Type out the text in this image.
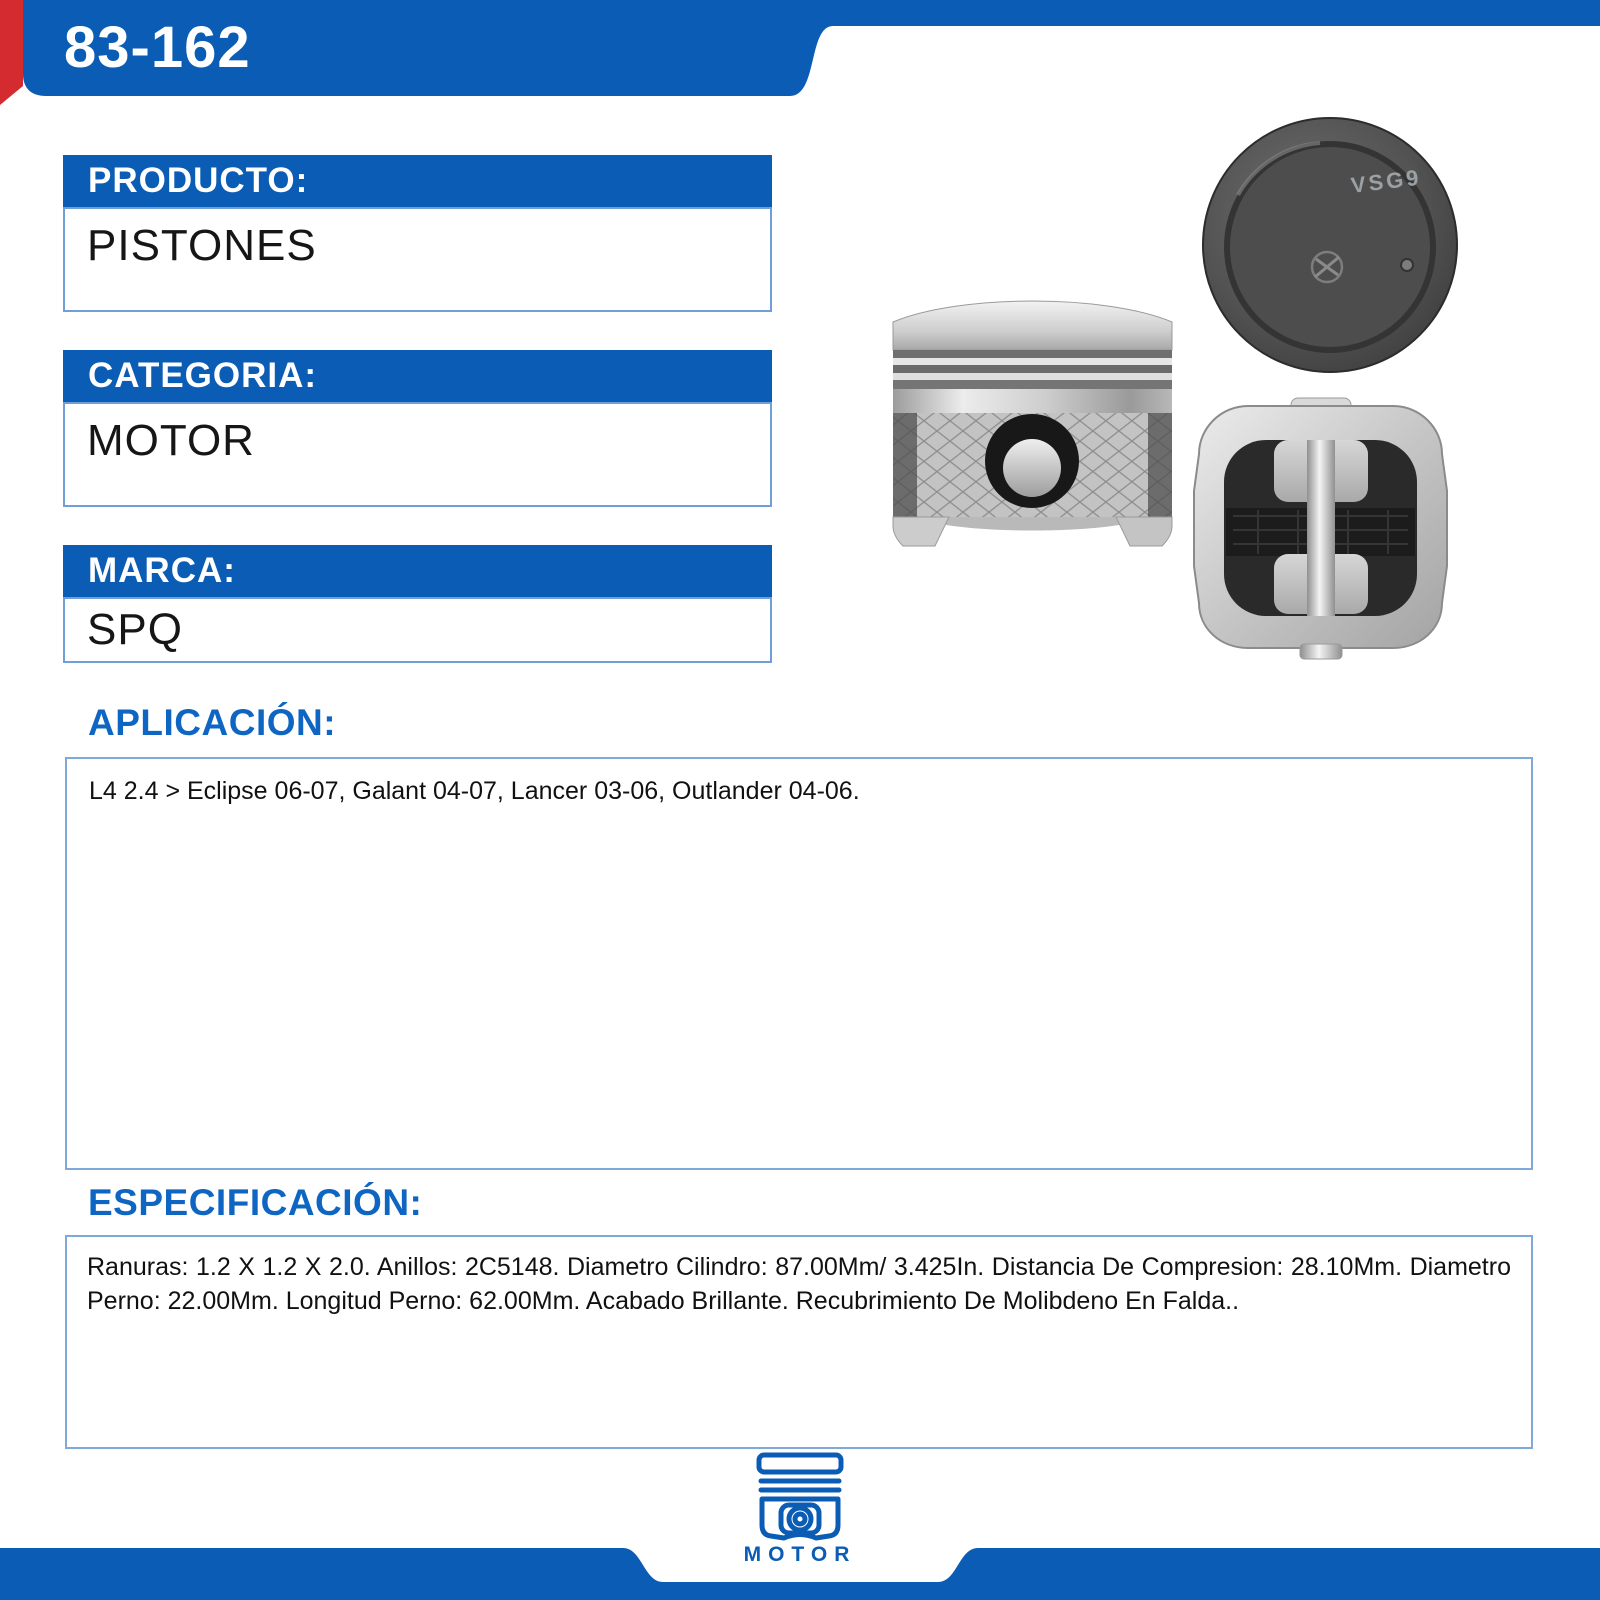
83-162
PRODUCTO:
PISTONES
CATEGORIA:
MOTOR
MARCA:
SPQ
VSG9
APLICACIÓN:
L4 2.4 > Eclipse 06-07, Galant 04-07, Lancer 03-06, Outlander 04-06.
ESPECIFICACIÓN:
Ranuras: 1.2 X 1.2 X 2.0. Anillos: 2C5148. Diametro Cilindro: 87.00Mm/ 3.425In. Distancia De Compresion: 28.10Mm. Diametro Perno: 22.00Mm. Longitud Perno: 62.00Mm. Acabado Brillante. Recubrimiento De Molibdeno En Falda..
MOTOR
